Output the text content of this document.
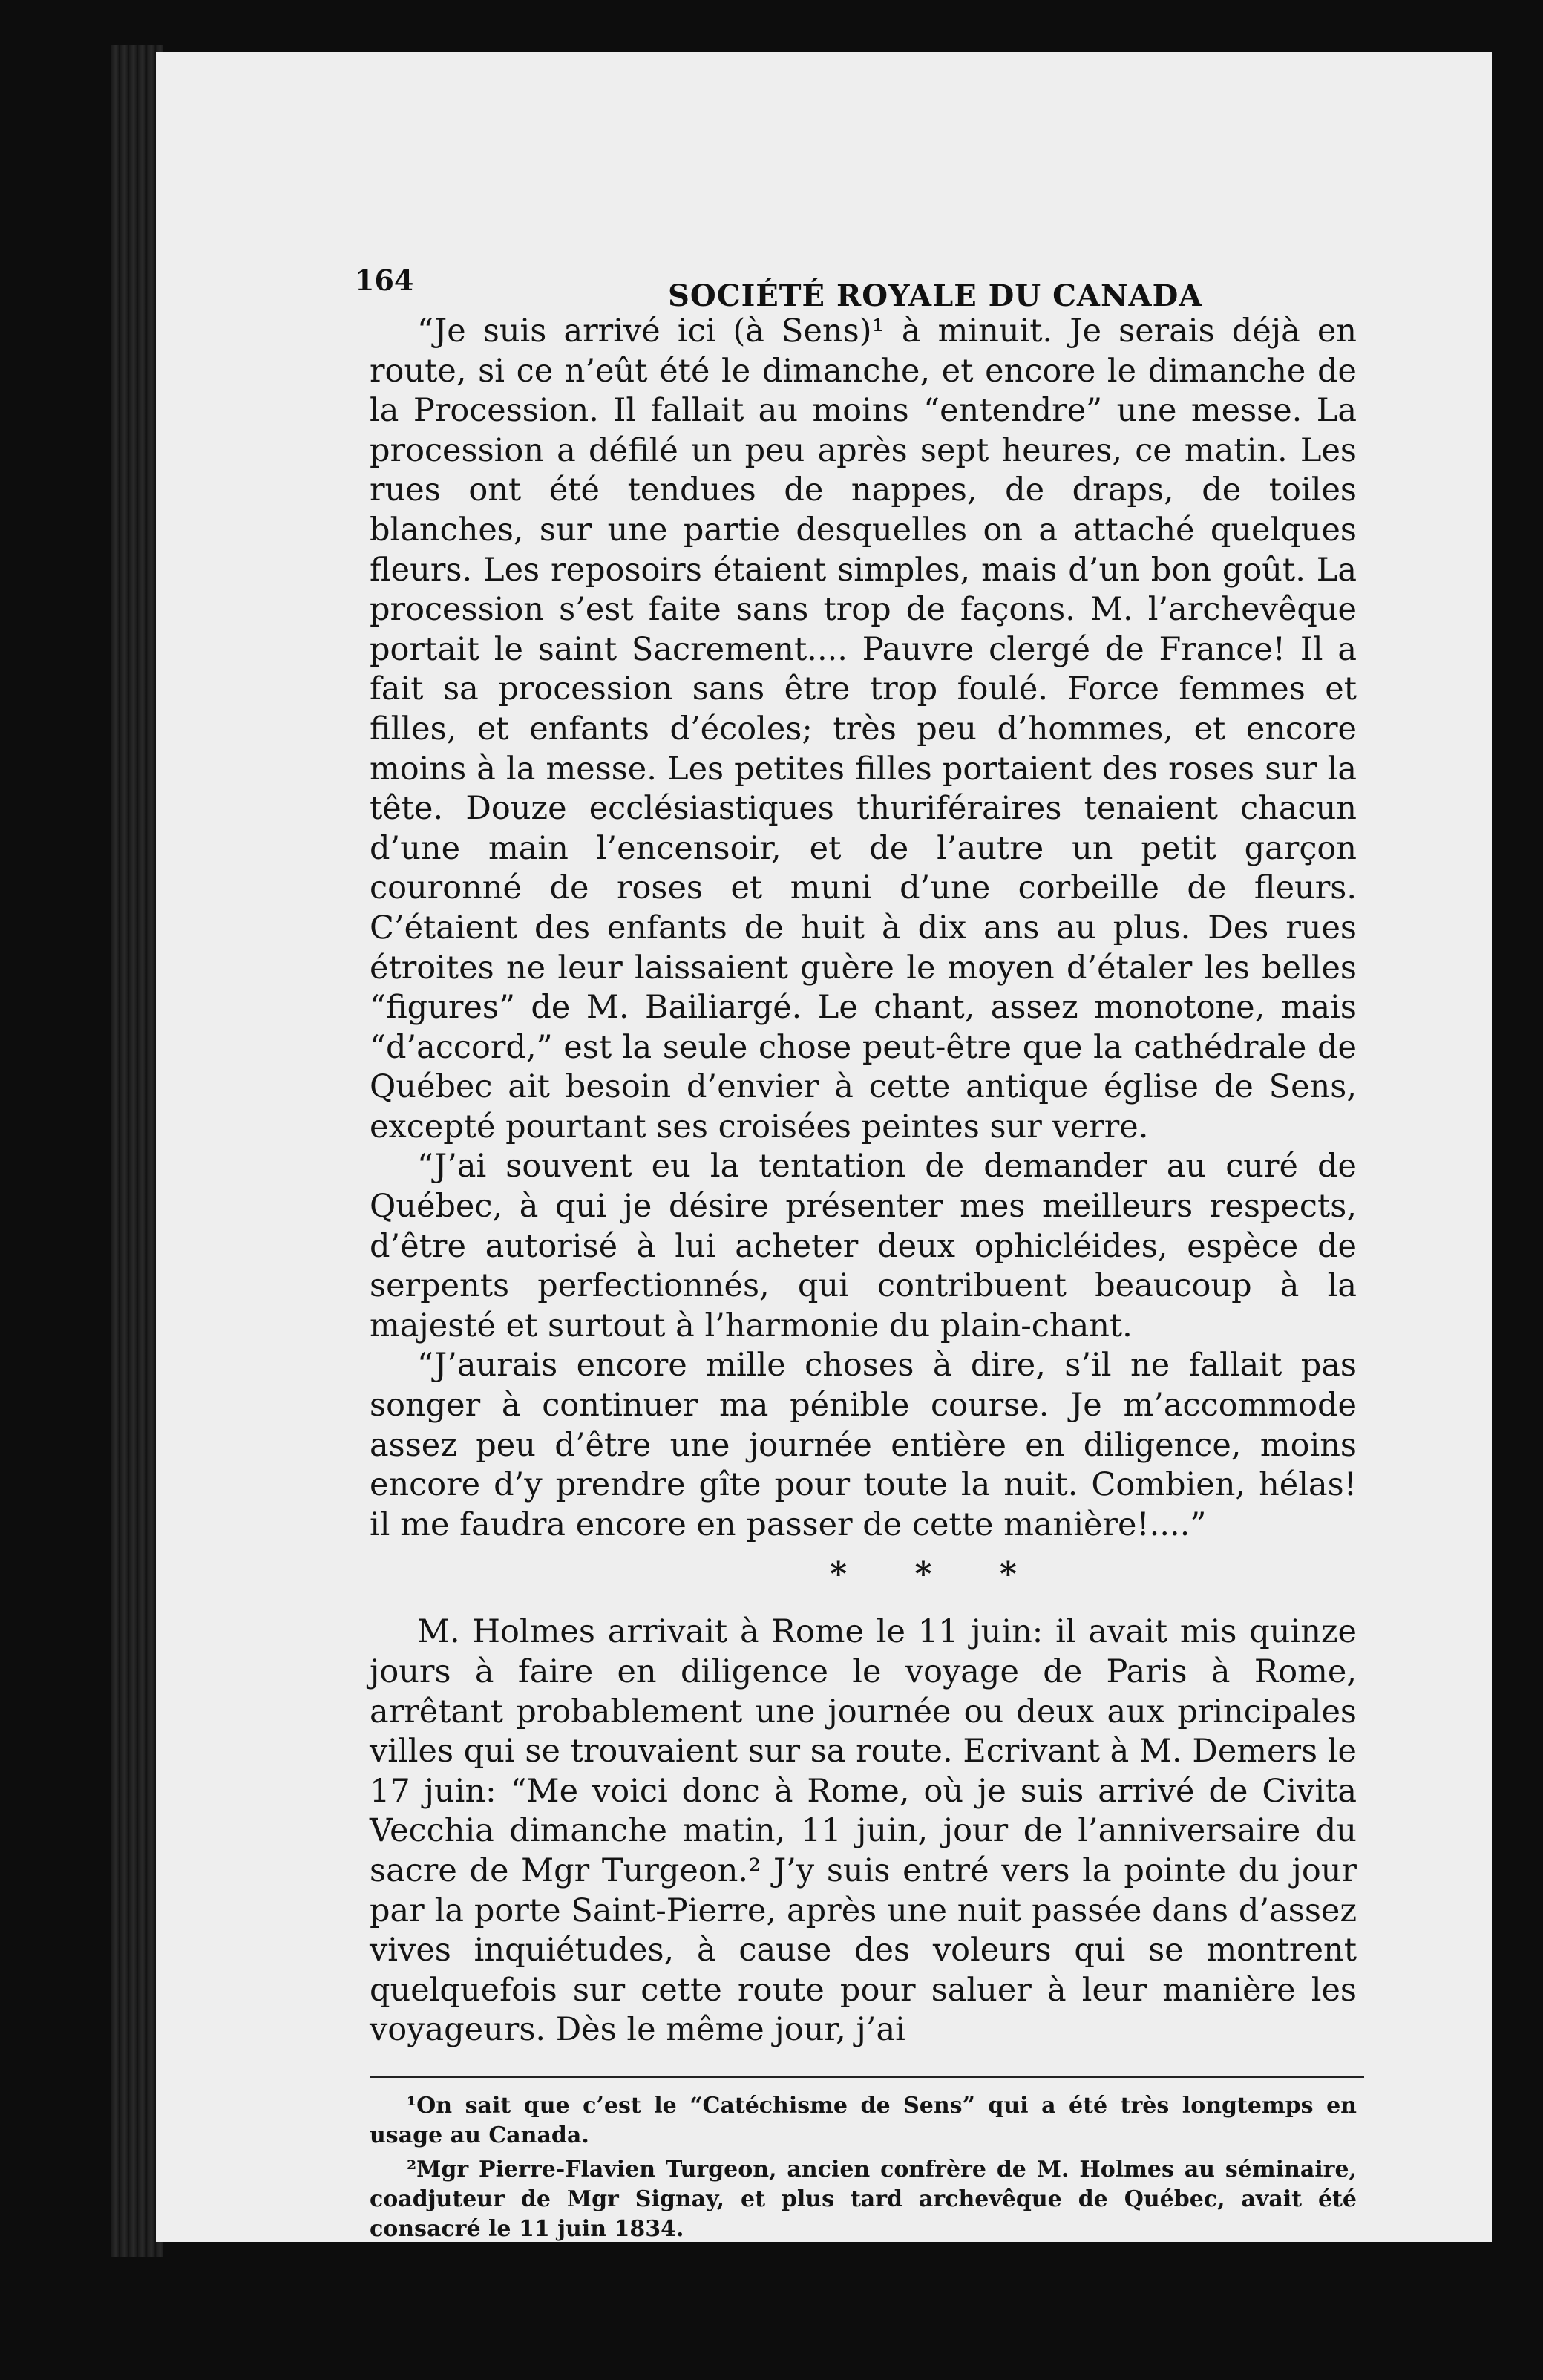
164	SOCIÉTÉ ROYALE DU CANADA

“Je suis arrivé ici (à Sens)¹ à minuit. Je serais déjà en route, si ce n’eût été le dimanche, et encore le dimanche de la Procession. Il fallait au moins “entendre” une messe. La procession a défilé un peu après sept heures, ce matin. Les rues ont été tendues de nappes, de draps, de toiles blanches, sur une partie desquelles on a attaché quelques fleurs. Les reposoirs étaient simples, mais d’un bon goût. La procession s’est faite sans trop de façons. M. l’archevêque portait le saint Sacrement.... Pauvre clergé de France! Il a fait sa procession sans être trop foulé. Force femmes et filles, et enfants d’écoles; très peu d’hommes, et encore moins à la messe. Les petites filles portaient des roses sur la tête. Douze ecclésiastiques thuriféraires tenaient chacun d’une main l’encensoir, et de l’autre un petit garçon couronné de roses et muni d’une corbeille de fleurs. C’étaient des enfants de huit à dix ans au plus. Des rues étroites ne leur laissaient guère le moyen d’étaler les belles “figures” de M. Bailiargé. Le chant, assez monotone, mais “d’accord,” est la seule chose peut-être que la cathédrale de Québec ait besoin d’envier à cette antique église de Sens, excepté pourtant ses croisées peintes sur verre.

“J’ai souvent eu la tentation de demander au curé de Québec, à qui je désire présenter mes meilleurs respects, d’être autorisé à lui acheter deux ophicléides, espèce de serpents perfectionnés, qui contribuent beaucoup à la majesté et surtout à l’harmonie du plain-chant.

“J’aurais encore mille choses à dire, s’il ne fallait pas songer à continuer ma pénible course. Je m’accommode assez peu d’être une journée entière en diligence, moins encore d’y prendre gîte pour toute la nuit. Combien, hélas! il me faudra encore en passer de cette manière!....”

* * *

M. Holmes arrivait à Rome le 11 juin: il avait mis quinze jours à faire en diligence le voyage de Paris à Rome, arrêtant probablement une journée ou deux aux principales villes qui se trouvaient sur sa route. Ecrivant à M. Demers le 17 juin: “Me voici donc à Rome, où je suis arrivé de Civita Vecchia dimanche matin, 11 juin, jour de l’anniversaire du sacre de Mgr Turgeon.² J’y suis entré vers la pointe du jour par la porte Saint-Pierre, après une nuit passée dans d’assez vives inquiétudes, à cause des voleurs qui se montrent quelquefois sur cette route pour saluer à leur manière les voyageurs. Dès le même jour, j’ai

¹On sait que c’est le “Catéchisme de Sens” qui a été très longtemps en usage au Canada.

²Mgr Pierre-Flavien Turgeon, ancien confrère de M. Holmes au séminaire, coadjuteur de Mgr Signay, et plus tard archevêque de Québec, avait été consacré le 11 juin 1834.
